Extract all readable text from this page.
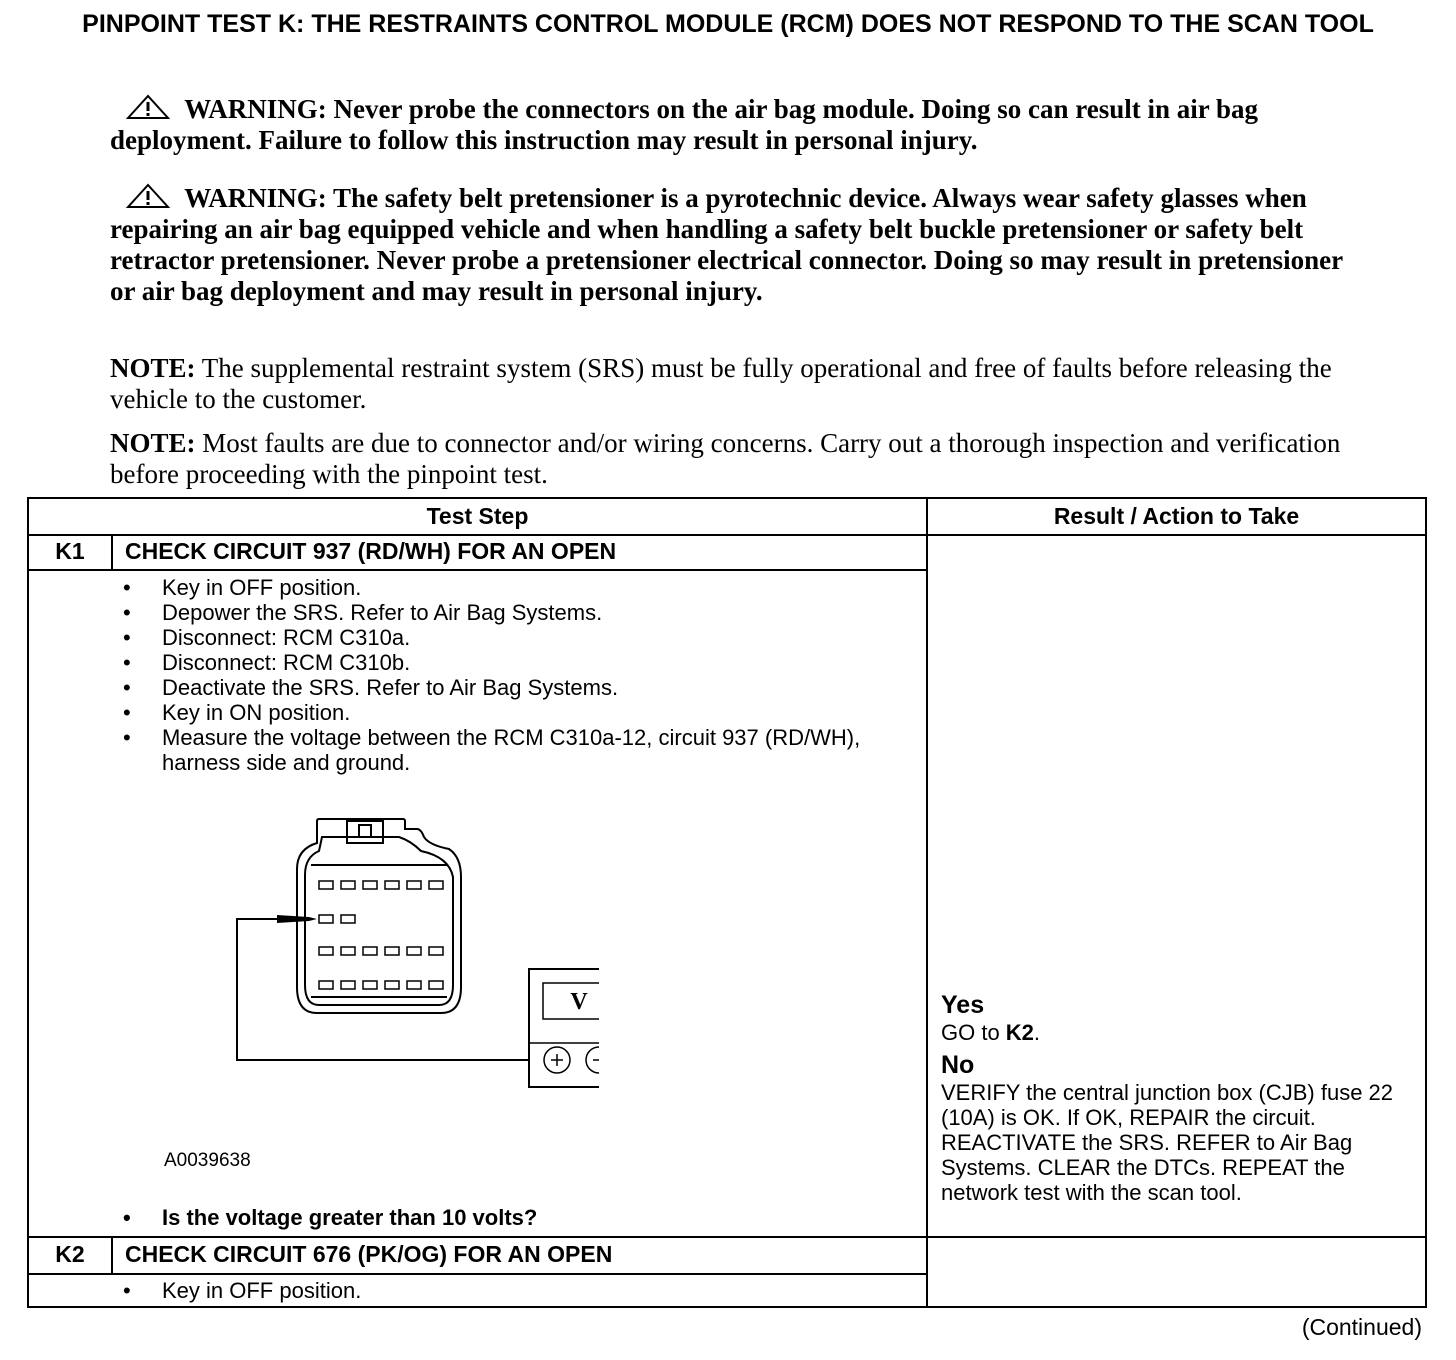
PINPOINT TEST K: THE RESTRAINTS CONTROL MODULE (RCM) DOES NOT RESPOND TO THE SCAN TOOL
WARNING: Never probe the connectors on the air bag module. Doing so can result in air bag deployment. Failure to follow this instruction may result in personal injury.
WARNING: The safety belt pretensioner is a pyrotechnic device. Always wear safety glasses when repairing an air bag equipped vehicle and when handling a safety belt buckle pretensioner or safety belt retractor pretensioner. Never probe a pretensioner electrical connector. Doing so may result in pretensioner or air bag deployment and may result in personal injury.
NOTE: The supplemental restraint system (SRS) must be fully operational and free of faults before releasing the vehicle to the customer.
NOTE: Most faults are due to connector and/or wiring concerns. Carry out a thorough inspection and verification before proceeding with the pinpoint test.
Test Step	Result / Action to Take
K1	CHECK CIRCUIT 937 (RD/WH) FOR AN OPEN
• Key in OFF position.
• Depower the SRS. Refer to Air Bag Systems.
• Disconnect: RCM C310a.
• Disconnect: RCM C310b.
• Deactivate the SRS. Refer to Air Bag Systems.
• Key in ON position.
• Measure the voltage between the RCM C310a-12, circuit 937 (RD/WH), harness side and ground.
V
A0039638
• Is the voltage greater than 10 volts?
Yes
GO to K2.
No
VERIFY the central junction box (CJB) fuse 22 (10A) is OK. If OK, REPAIR the circuit. REACTIVATE the SRS. REFER to Air Bag Systems. CLEAR the DTCs. REPEAT the network test with the scan tool.
K2	CHECK CIRCUIT 676 (PK/OG) FOR AN OPEN
• Key in OFF position.
(Continued)
